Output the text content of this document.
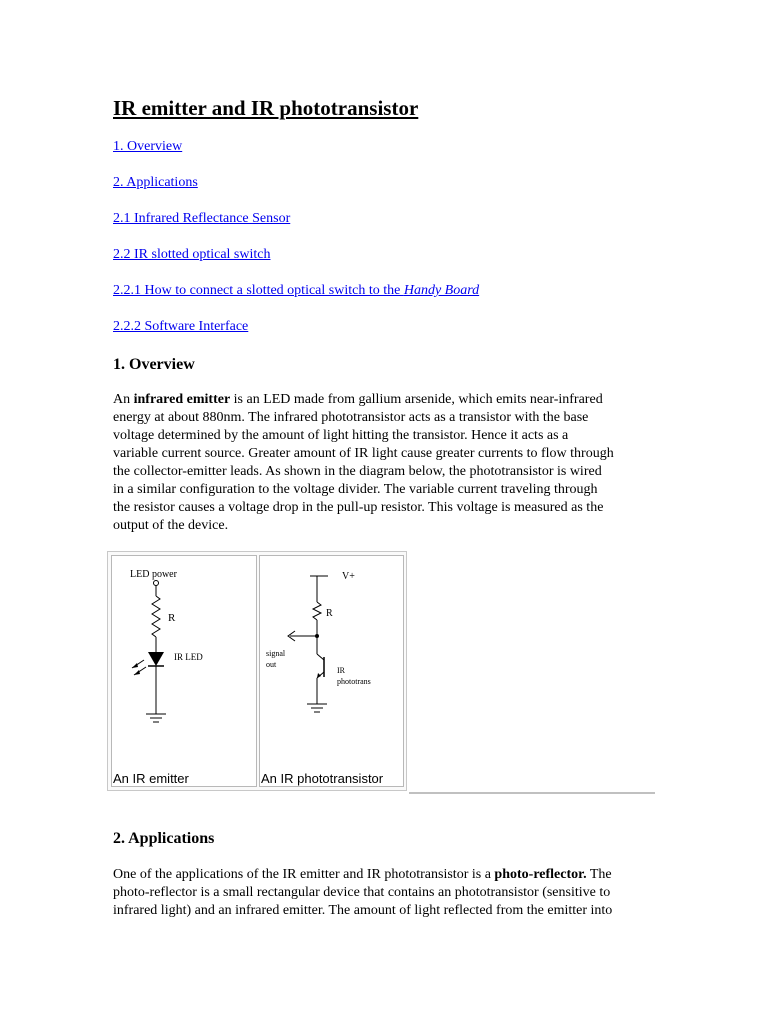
IR emitter and IR phototransistor
1. Overview
2. Applications
2.1 Infrared Reflectance Sensor
2.2 IR slotted optical switch
2.2.1 How to connect a slotted optical switch to the Handy Board
2.2.2 Software Interface
1. Overview
An infrared emitter is an LED made from gallium arsenide, which emits near-infrared
energy at about 880nm. The infrared phototransistor acts as a transistor with the base
voltage determined by the amount of light hitting the transistor. Hence it acts as a
variable current source. Greater amount of IR light cause greater currents to flow through
the collector-emitter leads. As shown in the diagram below, the phototransistor is wired
in a similar configuration to the voltage divider. The variable current traveling through
the resistor causes a voltage drop in the pull-up resistor. This voltage is measured as the
output of the device.
LED power
R
IR LED
An IR emitter
V+
R
signal
out
IR
phototrans
An IR phototransistor
2. Applications
One of the applications of the IR emitter and IR phototransistor is a photo-reflector. The
photo-reflector is a small rectangular device that contains an phototransistor (sensitive to
infrared light) and an infrared emitter. The amount of light reflected from the emitter into
